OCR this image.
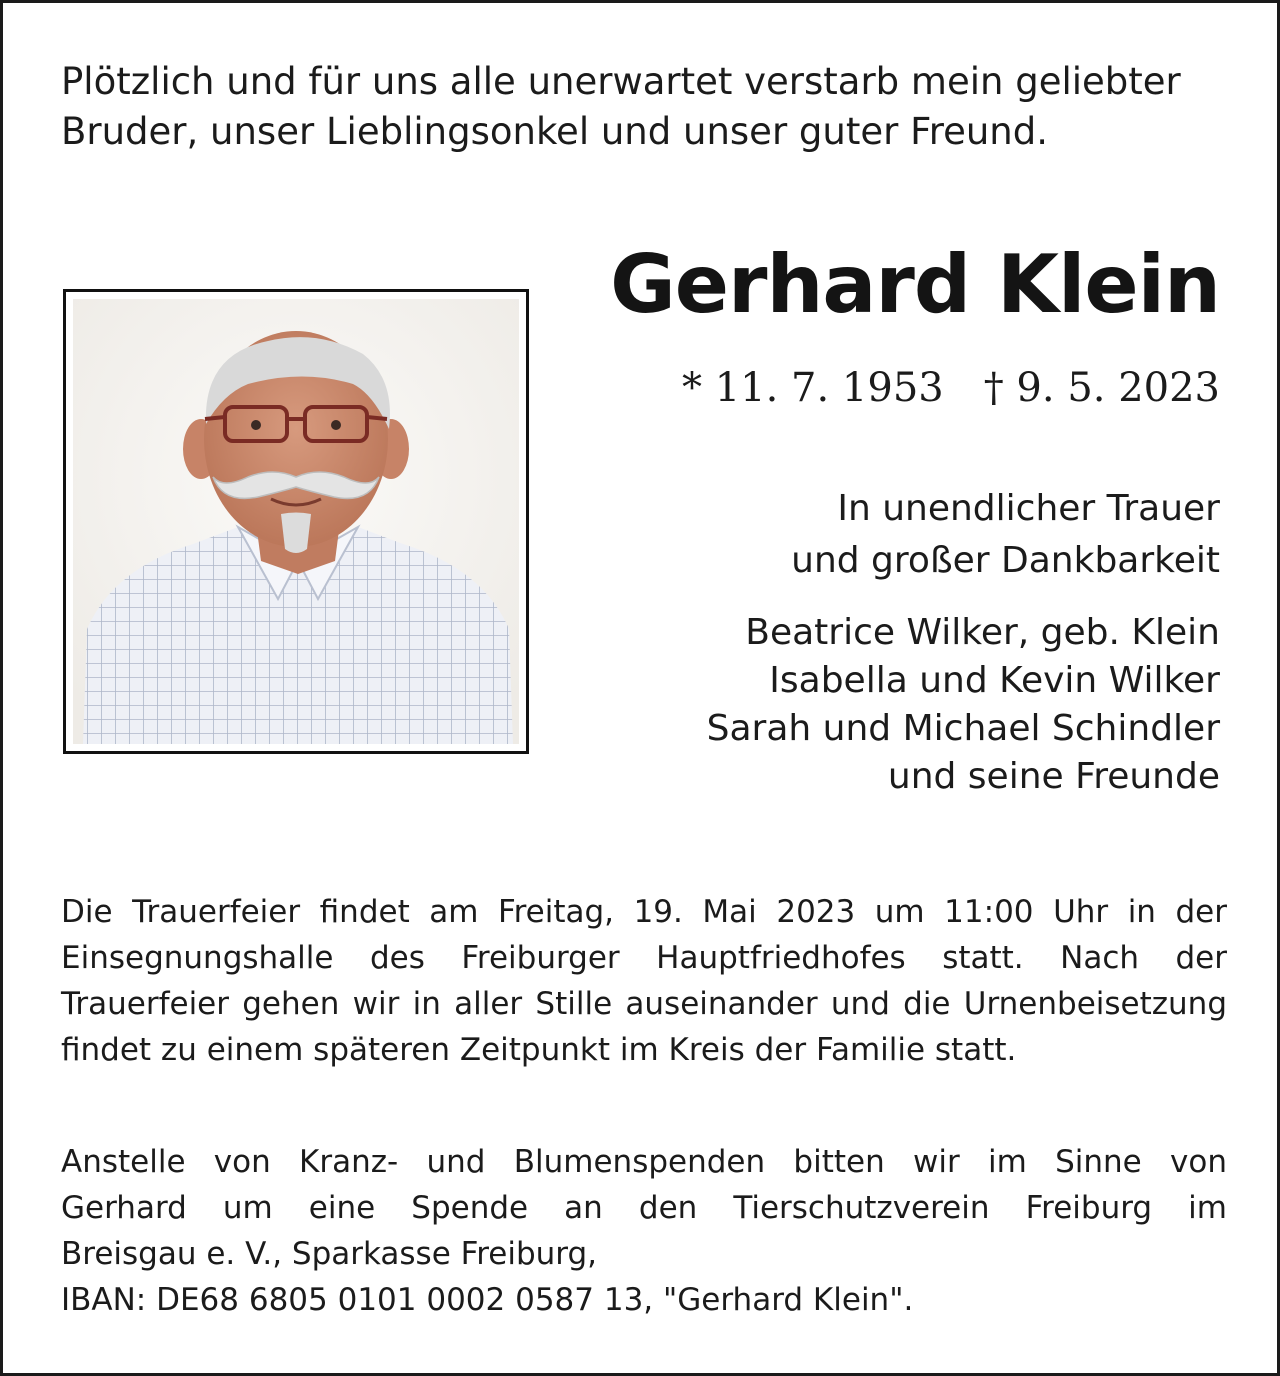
Plötzlich und für uns alle unerwartet verstarb mein geliebter Bruder, unser Lieblingsonkel und unser guter Freund.

Gerhard Klein
* 11. 7. 1953 † 9. 5. 2023
In unendlicher Trauer
und großer Dankbarkeit
Beatrice Wilker, geb. Klein
Isabella und Kevin Wilker
Sarah und Michael Schindler
und seine Freunde

Die Trauerfeier findet am Freitag, 19. Mai 2023 um 11:00 Uhr in der Einsegnungshalle des Freiburger Hauptfriedhofes statt. Nach der Trauerfeier gehen wir in aller Stille auseinander und die Urnenbeisetzung findet zu einem späteren Zeitpunkt im Kreis der Familie statt.

Anstelle von Kranz- und Blumenspenden bitten wir im Sinne von
Gerhard um eine Spende an den Tierschutzverein Freiburg im
Breisgau e. V., Sparkasse Freiburg,
IBAN: DE68 6805 0101 0002 0587 13, "Gerhard Klein".
